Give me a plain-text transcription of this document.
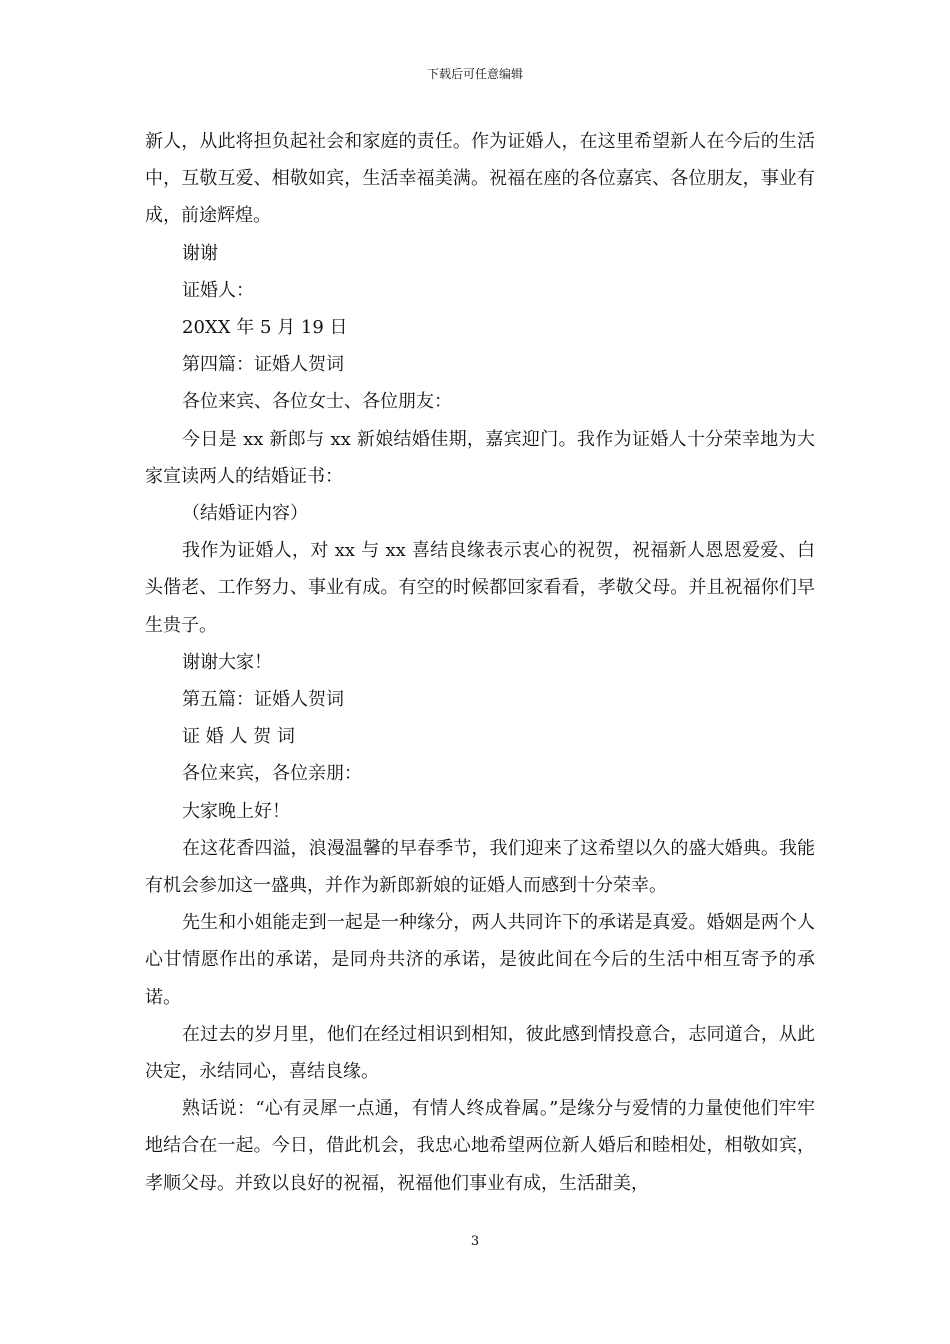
下载后可任意编辑

新人，从此将担负起社会和家庭的责任。作为证婚人，在这里希望新人在今后的生活中，互敬互爱、相敬如宾，生活幸福美满。祝福在座的各位嘉宾、各位朋友，事业有成，前途辉煌。

谢谢

证婚人：

20XX 年 5 月 19 日

第四篇：证婚人贺词

各位来宾、各位女士、各位朋友：

今日是 xx 新郎与 xx 新娘结婚佳期，嘉宾迎门。我作为证婚人十分荣幸地为大家宣读两人的结婚证书：

（结婚证内容）

我作为证婚人，对 xx 与 xx 喜结良缘表示衷心的祝贺，祝福新人恩恩爱爱、白头偕老、工作努力、事业有成。有空的时候都回家看看，孝敬父母。并且祝福你们早生贵子。

谢谢大家！

第五篇：证婚人贺词

证 婚 人 贺 词

各位来宾，各位亲朋：

大家晚上好！

在这花香四溢，浪漫温馨的早春季节，我们迎来了这希望以久的盛大婚典。我能有机会参加这一盛典，并作为新郎新娘的证婚人而感到十分荣幸。

先生和小姐能走到一起是一种缘分，两人共同许下的承诺是真爱。婚姻是两个人心甘情愿作出的承诺，是同舟共济的承诺，是彼此间在今后的生活中相互寄予的承诺。

在过去的岁月里，他们在经过相识到相知，彼此感到情投意合，志同道合，从此决定，永结同心，喜结良缘。

熟话说：“心有灵犀一点通，有情人终成眷属。”是缘分与爱情的力量使他们牢牢地结合在一起。今日，借此机会，我忠心地希望两位新人婚后和睦相处，相敬如宾，孝顺父母。并致以良好的祝福，祝福他们事业有成，生活甜美，

3
